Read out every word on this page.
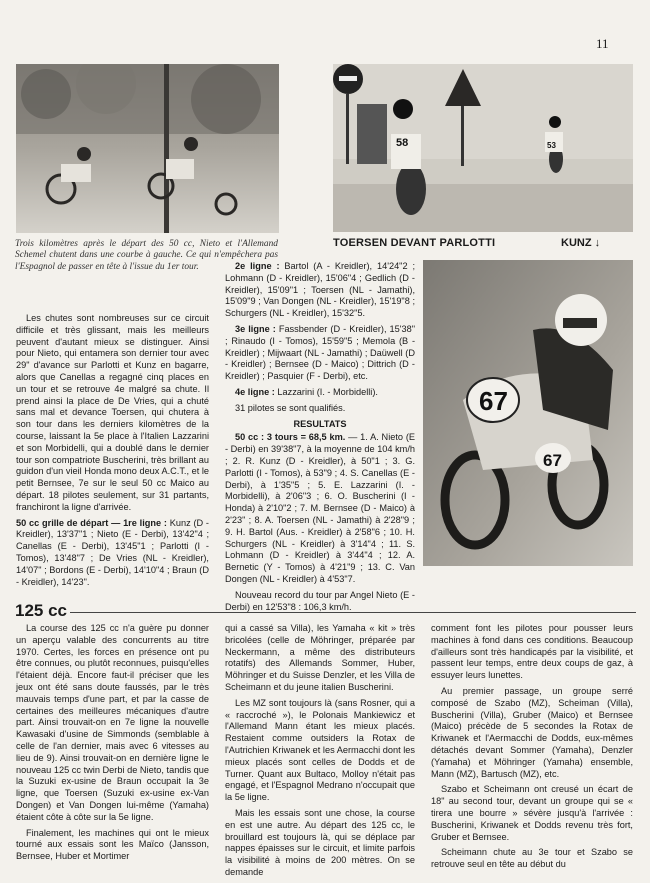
11
58	53
Trois kilomètres après le départ des 50 cc, Nieto et l'Allemand Schemel chutent dans une courbe à gauche. Ce qui n'empêchera pas l'Espagnol de passer en tête à l'issue du 1er tour.
TOERSEN DEVANT PARLOTTI	KUNZ ↓
67
67

Les chutes sont nombreuses sur ce circuit difficile et très glissant, mais les meilleurs peuvent d'autant mieux se distinguer. Ainsi pour Nieto, qui entamera son dernier tour avec 29" d'avance sur Parlotti et Kunz en bagarre, alors que Canellas a regagné cinq places en un tour et se retrouve 4e malgré sa chute. Il prend ainsi la place de De Vries, qui a chuté sans mal et devance Toersen, qui chutera à son tour dans les derniers kilomètres de la course, laissant la 5e place à l'Italien Lazzarini et son Morbidelli, qui a doublé dans le dernier tour son compatriote Buscherini, très brillant au guidon d'un vieil Honda mono deux A.C.T., et le petit Bernsee, 7e sur le seul 50 cc Maico au départ. 18 pilotes seulement, sur 31 partants, franchiront la ligne d'arrivée.

50 cc grille de départ — 1re ligne : Kunz (D - Kreidler), 13'37"1 ; Nieto (E - Derbi), 13'42"4 ; Canellas (E - Derbi), 13'45"1 ; Parlotti (I - Tomos), 13'48"7 ; De Vries (NL - Kreidler), 14'07" ; Bordons (E - Derbi), 14'10"4 ; Braun (D - Kreidler), 14'23".

2e ligne : Bartol (A - Kreidler), 14'24"2 ; Lohmann (D - Kreidler), 15'06"4 ; Gedlich (D - Kreidler), 15'09"1 ; Toersen (NL - Jamathi), 15'09"9 ; Van Dongen (NL - Kreidler), 15'19"8 ; Schurgers (NL - Kreidler), 15'32"5.

3e ligne : Fassbender (D - Kreidler), 15'38" ; Rinaudo (I - Tomos), 15'59"5 ; Memola (B - Kreidler) ; Mijwaart (NL - Jamathi) ; Daüwell (D - Kreidler) ; Bernsee (D - Maico) ; Dittrich (D - Kreidler) ; Pasquier (F - Derbi), etc.

4e ligne : Lazzarini (I. - Morbidelli).

31 pilotes se sont qualifiés.

RESULTATS

50 cc : 3 tours = 68,5 km. — 1. A. Nieto (E - Derbi) en 39'38"7, à la moyenne de 104 km/h ; 2. R. Kunz (D - Kreidler), à 50"1 ; 3. G. Parlotti (I - Tomos), à 53"9 ; 4. S. Canellas (E - Derbi), à 1'35"5 ; 5. E. Lazzarini (I. - Morbidelli), à 2'06"3 ; 6. O. Buscherini (I - Honda) à 2'10"2 ; 7. M. Bernsee (D - Maico) à 2'23" ; 8. A. Toersen (NL - Jamathi) à 2'28"9 ; 9. H. Bartol (Aus. - Kreidler) à 2'58"6 ; 10. H. Schurgers (NL - Kreidler) à 3'14"4 ; 11. S. Lohmann (D - Kreidler) à 3'44"4 ; 12. A. Bernetic (Y - Tomos) à 4'21"9 ; 13. C. Van Dongen (NL - Kreidler) à 4'53"7.

Nouveau record du tour par Angel Nieto (E - Derbi) en 12'53"8 : 106,3 km/h.

125 cc

La course des 125 cc n'a guère pu donner un aperçu valable des concurrents au titre 1970. Certes, les forces en présence ont pu être connues, ou plutôt reconnues, puisqu'elles l'étaient déjà. Encore faut-il préciser que les jeux ont été sans doute faussés, par le très mauvais temps d'une part, et par la casse de certaines des meilleures mécaniques d'autre part. Ainsi trouvait-on en 7e ligne la nouvelle Kawasaki d'usine de Simmonds (semblable à celle de l'an dernier, mais avec 6 vitesses au lieu de 9). Ainsi trouvait-on en dernière ligne le nouveau 125 cc twin Derbi de Nieto, tandis que la Suzuki ex-usine de Braun occupait la 3e ligne, que Toersen (Suzuki ex-usine ex-Van Dongen) et Van Dongen lui-même (Yamaha) étaient côte à côte sur la 5e ligne.

Finalement, les machines qui ont le mieux tourné aux essais sont les Maïco (Jansson, Bernsee, Huber et Mortimer

qui a cassé sa Villa), les Yamaha « kit » très bricolées (celle de Möhringer, préparée par Neckermann, a même des distributeurs rotatifs) des Allemands Sommer, Huber, Möhringer et du Suisse Denzler, et les Villa de Scheimann et du jeune italien Buscherini.

Les MZ sont toujours là (sans Rosner, qui a « raccroché »), le Polonais Mankiewicz et l'Allemand Mann étant les mieux placés. Restaient comme outsiders la Rotax de l'Autrichien Kriwanek et les Aermacchi dont les mieux placés sont celles de Dodds et de Turner. Quant aux Bultaco, Molloy n'était pas engagé, et l'Espagnol Medrano n'occupait que la 5e ligne.

Mais les essais sont une chose, la course en est une autre. Au départ des 125 cc, le brouillard est toujours là, qui se déplace par nappes épaisses sur le circuit, et limite parfois la visibilité à moins de 200 mètres. On se demande

comment font les pilotes pour pousser leurs machines à fond dans ces conditions. Beaucoup d'ailleurs sont très handicapés par la visibilité, et passent leur temps, entre deux coups de gaz, à essuyer leurs lunettes.

Au premier passage, un groupe serré composé de Szabo (MZ), Scheiman (Villa), Buscherini (Villa), Gruber (Maico) et Bernsee (Maico) précède de 5 secondes la Rotax de Kriwanek et l'Aermacchi de Dodds, eux-mêmes détachés devant Sommer (Yamaha), Denzler (Yamaha) et Möhringer (Yamaha) ensemble, Mann (MZ), Bartusch (MZ), etc.

Szabo et Scheimann ont creusé un écart de 18" au second tour, devant un groupe qui se « tirera une bourre » sévère jusqu'à l'arrivée : Buscherini, Kriwanek et Dodds revenu très fort, Gruber et Bernsee.

Scheimann chute au 3e tour et Szabo se retrouve seul en tête au début du
